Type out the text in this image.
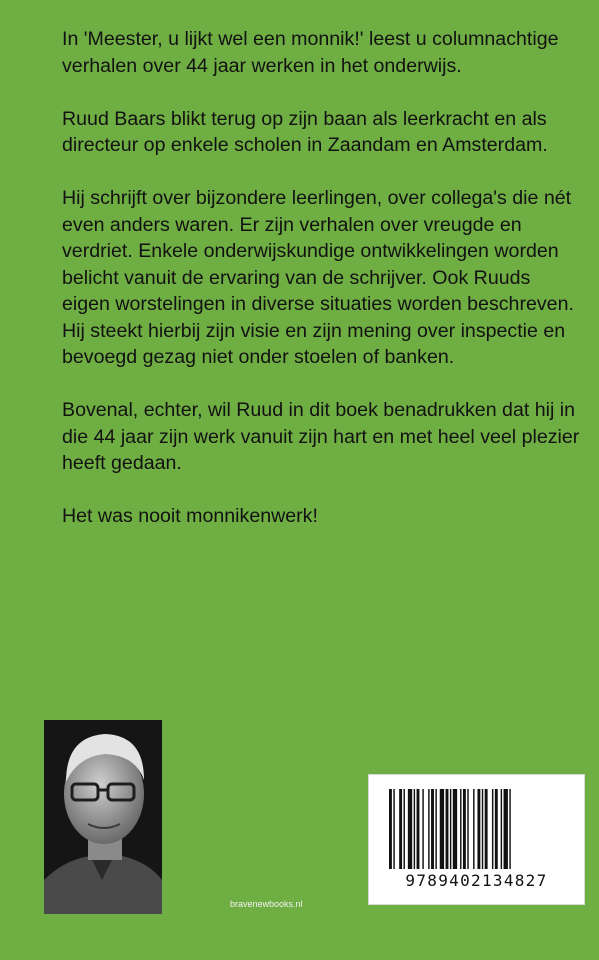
In 'Meester, u lijkt wel een monnik!' leest u columnachtige verhalen over 44 jaar werken in het onderwijs.

Ruud Baars blikt terug op zijn baan als leerkracht en als directeur op enkele scholen in Zaandam en Amsterdam.

Hij schrijft over bijzondere leerlingen, over collega's die nét even anders waren. Er zijn verhalen over vreugde en verdriet. Enkele onderwijskundige ontwikkelingen worden belicht vanuit de ervaring van de schrijver. Ook Ruuds eigen worstelingen in diverse situaties worden beschreven. Hij steekt hierbij zijn visie en zijn mening over inspectie en bevoegd gezag niet onder stoelen of banken.

Bovenal, echter, wil Ruud in dit boek benadrukken dat hij in die 44 jaar zijn werk vanuit zijn hart en met heel veel plezier heeft gedaan.

Het was nooit monnikenwerk!

9789402134827
bravenewbooks.nl
